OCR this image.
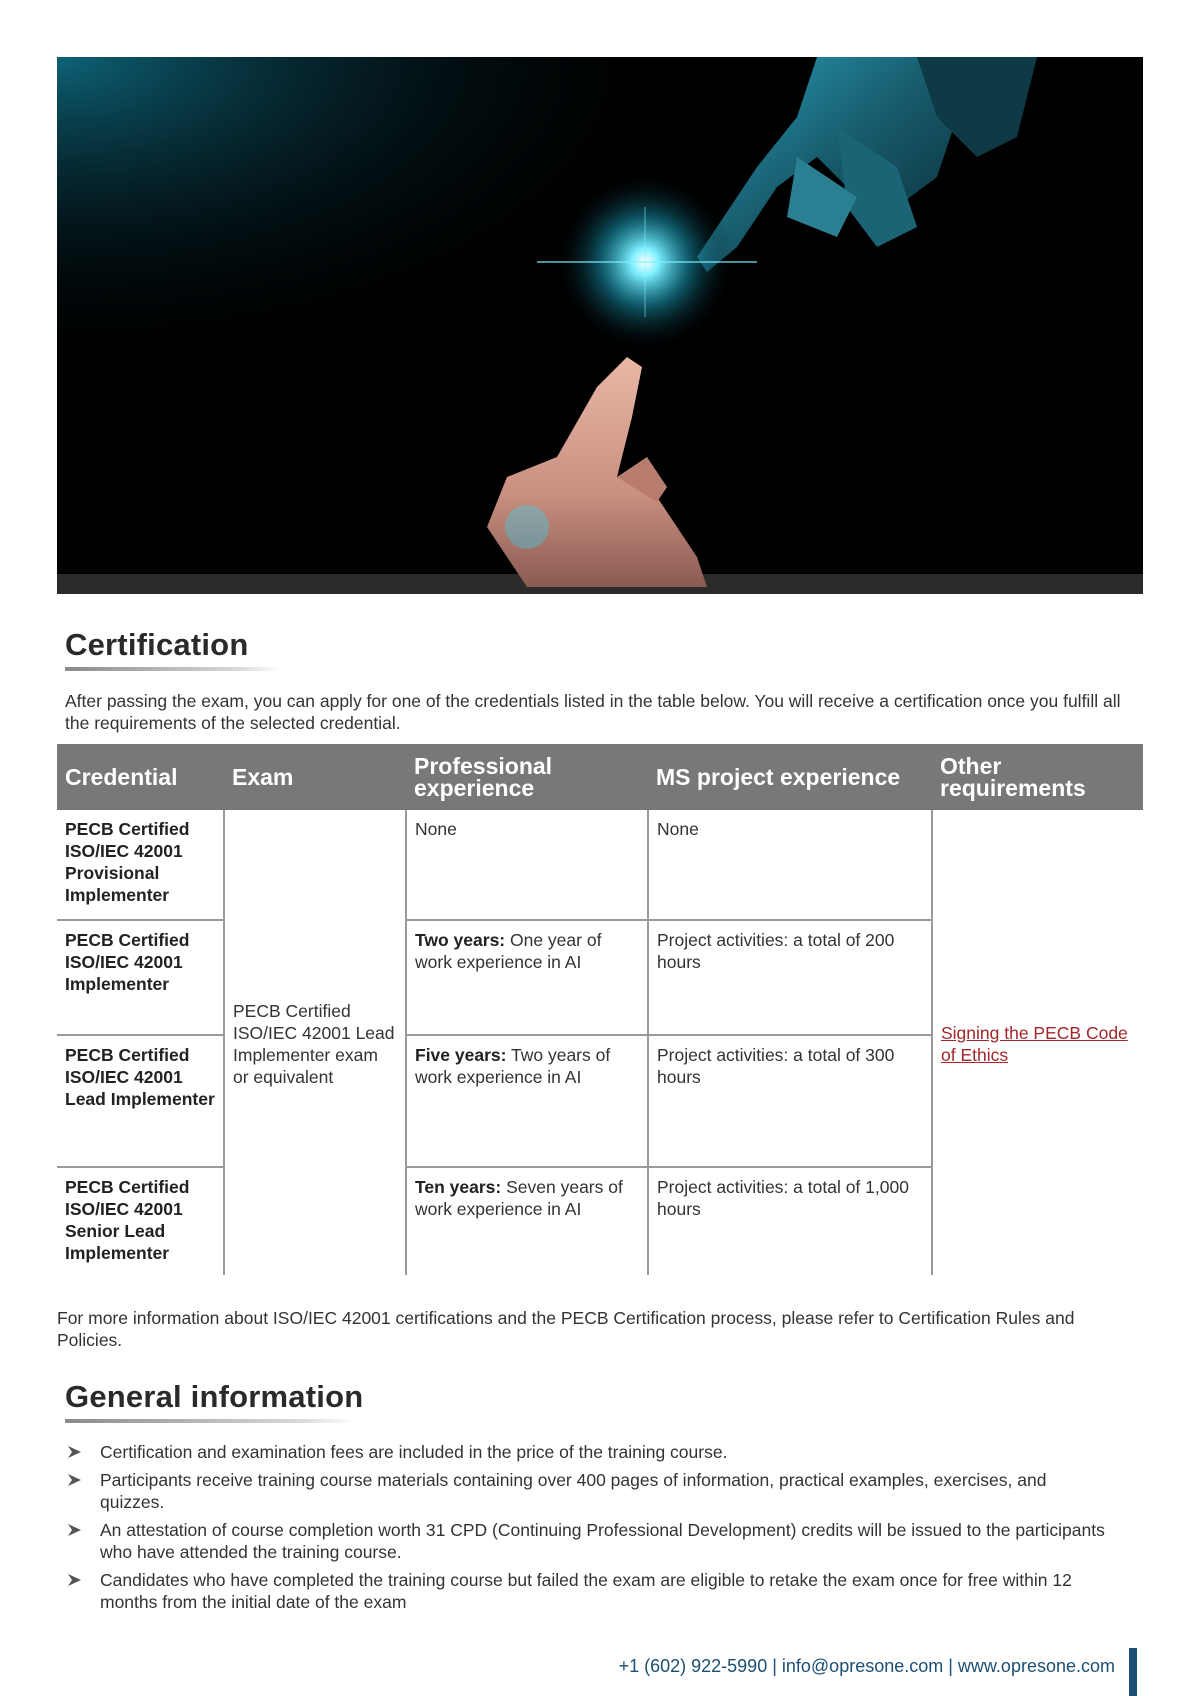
Certification

After passing the exam, you can apply for one of the credentials listed in the table below. You will receive a certification once you fulfill all the requirements of the selected credential.

Credential	Exam	Professional experience	MS project experience	Other requirements
PECB Certified ISO/IEC 42001 Provisional Implementer	PECB Certified ISO/IEC 42001 Lead Implementer exam or equivalent	None	None	Signing the PECB Code of Ethics
PECB Certified ISO/IEC 42001 Implementer		Two years: One year of work experience in AI	Project activities: a total of 200 hours	
PECB Certified ISO/IEC 42001 Lead Implementer		Five years: Two years of work experience in AI	Project activities: a total of 300 hours	
PECB Certified ISO/IEC 42001 Senior Lead Implementer		Ten years: Seven years of work experience in AI	Project activities: a total of 1,000 hours	

For more information about ISO/IEC 42001 certifications and the PECB Certification process, please refer to Certification Rules and Policies.

General information
Certification and examination fees are included in the price of the training course.
Participants receive training course materials containing over 400 pages of information, practical examples, exercises, and quizzes.
An attestation of course completion worth 31 CPD (Continuing Professional Development) credits will be issued to the participants who have attended the training course.
Candidates who have completed the training course but failed the exam are eligible to retake the exam once for free within 12 months from the initial date of the exam
+1 (602) 922-5990 | info@opresone.com | www.opresone.com
